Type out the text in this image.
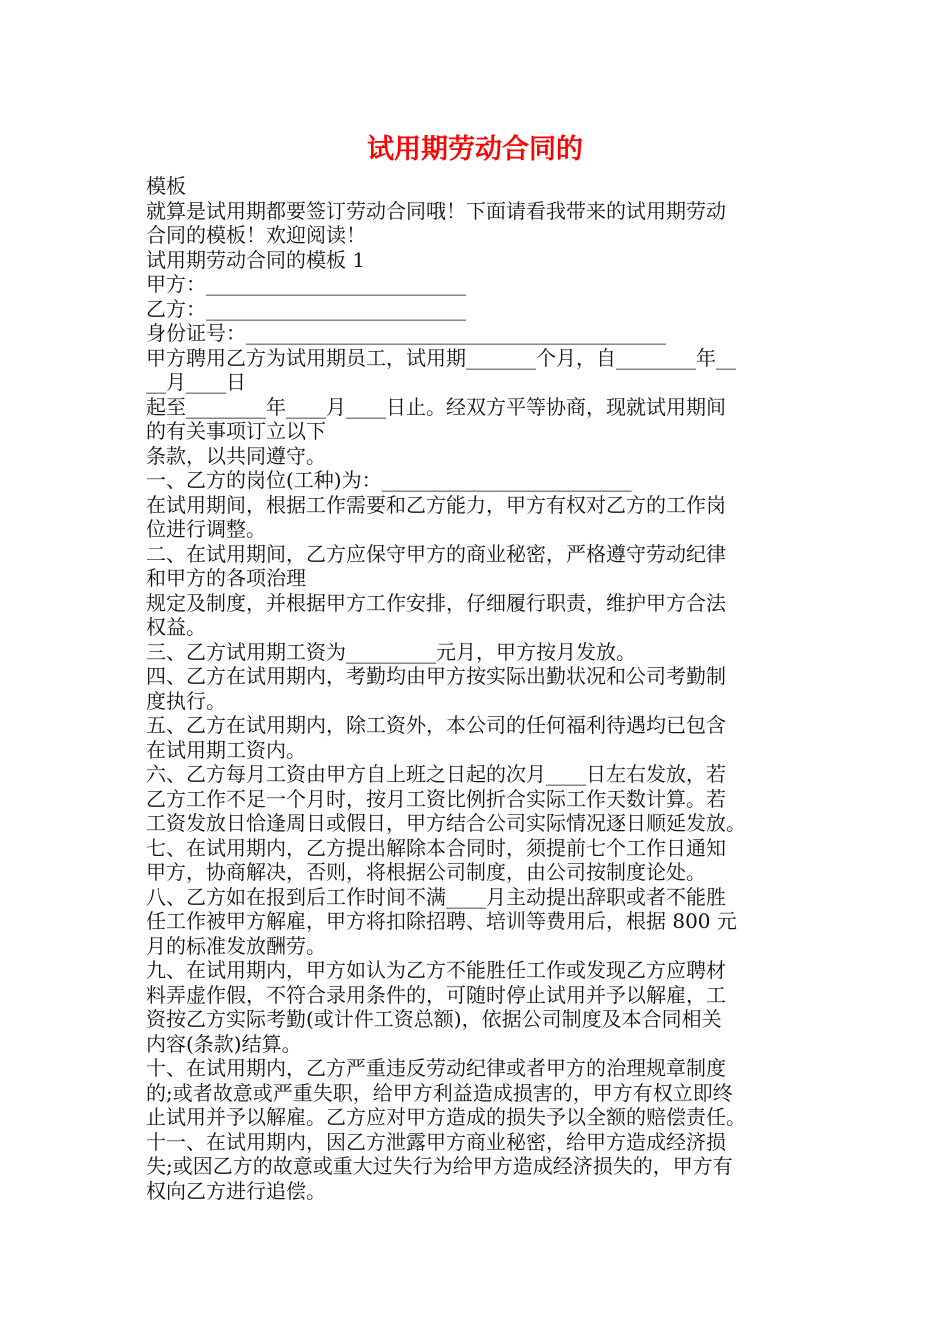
试用期劳动合同的
模板
就算是试用期都要签订劳动合同哦！下面请看我带来的试用期劳动
合同的模板！欢迎阅读！
试用期劳动合同的模板 1
甲方：__________________________
乙方：__________________________
身份证号：__________________________________________
甲方聘用乙方为试用期员工，试用期_______个月，自________年__
__月____日
起至________年____月____日止。经双方平等协商，现就试用期间
的有关事项订立以下
条款，以共同遵守。
一、乙方的岗位(工种)为：_________________________
在试用期间，根据工作需要和乙方能力，甲方有权对乙方的工作岗
位进行调整。
二、在试用期间，乙方应保守甲方的商业秘密，严格遵守劳动纪律
和甲方的各项治理
规定及制度，并根据甲方工作安排，仔细履行职责，维护甲方合法
权益。
三、乙方试用期工资为_________元月，甲方按月发放。
四、乙方在试用期内，考勤均由甲方按实际出勤状况和公司考勤制
度执行。
五、乙方在试用期内，除工资外，本公司的任何福利待遇均已包含
在试用期工资内。
六、乙方每月工资由甲方自上班之日起的次月____日左右发放，若
乙方工作不足一个月时，按月工资比例折合实际工作天数计算。若
工资发放日恰逢周日或假日，甲方结合公司实际情况逐日顺延发放。
七、在试用期内，乙方提出解除本合同时，须提前七个工作日通知
甲方，协商解决，否则，将根据公司制度，由公司按制度论处。
八、乙方如在报到后工作时间不满____月主动提出辞职或者不能胜
任工作被甲方解雇，甲方将扣除招聘、培训等费用后，根据 800 元
月的标准发放酬劳。
九、在试用期内，甲方如认为乙方不能胜任工作或发现乙方应聘材
料弄虚作假，不符合录用条件的，可随时停止试用并予以解雇，工
资按乙方实际考勤(或计件工资总额)，依据公司制度及本合同相关
内容(条款)结算。
十、在试用期内，乙方严重违反劳动纪律或者甲方的治理规章制度
的;或者故意或严重失职，给甲方利益造成损害的，甲方有权立即终
止试用并予以解雇。乙方应对甲方造成的损失予以全额的赔偿责任。
十一、在试用期内，因乙方泄露甲方商业秘密，给甲方造成经济损
失;或因乙方的故意或重大过失行为给甲方造成经济损失的，甲方有
权向乙方进行追偿。
